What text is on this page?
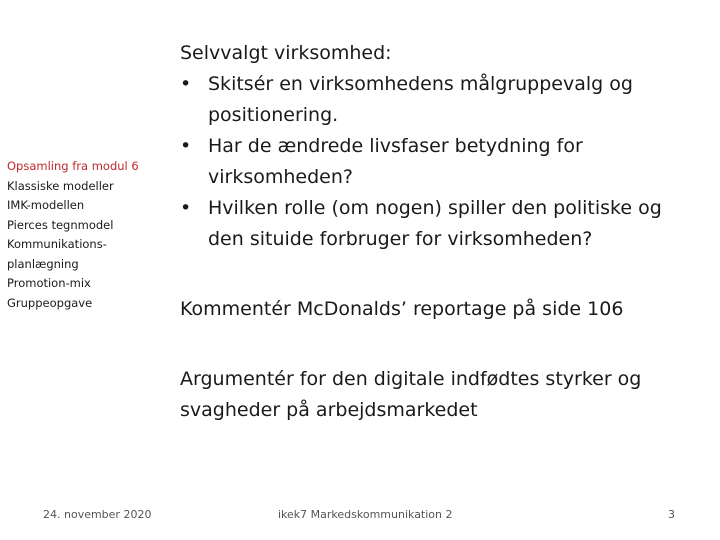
Opsamling fra modul 6
Klassiske modeller
IMK-modellen
Pierces tegnmodel
Kommunikations-
planlægning
Promotion-mix
Gruppeopgave
Selvvalgt virksomhed:
• Skitsér en virksomhedens målgruppevalg og positionering.
• Har de ændrede livsfaser betydning for virksomheden?
• Hvilken rolle (om nogen) spiller den politiske og den situide forbruger for virksomheden?
Kommentér McDonalds’ reportage på side 106
Argumentér for den digitale indfødtes styrker og svagheder på arbejdsmarkedet
24. november 2020	ikek7 Markedskommunikation 2	3
